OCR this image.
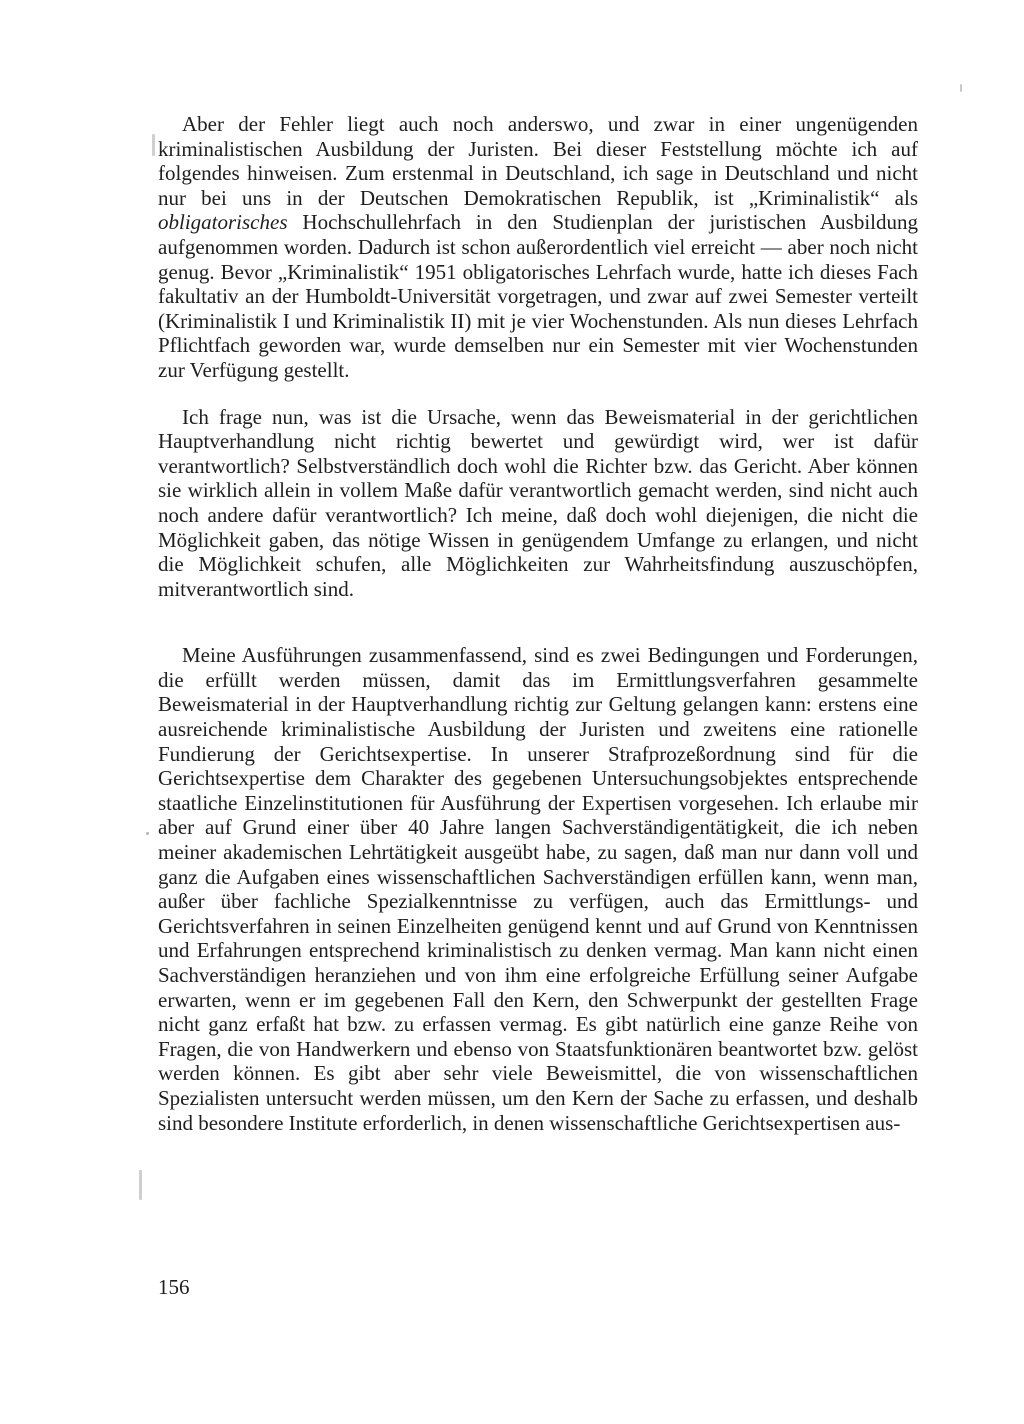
Aber der Fehler liegt auch noch anderswo, und zwar in einer ungenügenden kriminalistischen Ausbildung der Juristen. Bei dieser Feststellung möchte ich auf folgendes hinweisen. Zum erstenmal in Deutschland, ich sage in Deutschland und nicht nur bei uns in der Deutschen Demokratischen Republik, ist „Kriminalistik“ als obligatorisches Hochschullehrfach in den Studienplan der juristischen Ausbildung aufgenommen worden. Dadurch ist schon außerordentlich viel erreicht — aber noch nicht genug. Bevor „Kriminalistik“ 1951 obligatorisches Lehrfach wurde, hatte ich dieses Fach fakultativ an der Humboldt-Universität vorgetragen, und zwar auf zwei Semester verteilt (Kriminalistik I und Kriminalistik II) mit je vier Wochenstunden. Als nun dieses Lehrfach Pflichtfach geworden war, wurde demselben nur ein Semester mit vier Wochenstunden zur Verfügung gestellt.

Ich frage nun, was ist die Ursache, wenn das Beweismaterial in der gerichtlichen Hauptverhandlung nicht richtig bewertet und gewürdigt wird, wer ist dafür verantwortlich? Selbstverständlich doch wohl die Richter bzw. das Gericht. Aber können sie wirklich allein in vollem Maße dafür verantwortlich gemacht werden, sind nicht auch noch andere dafür verantwortlich? Ich meine, daß doch wohl diejenigen, die nicht die Möglichkeit gaben, das nötige Wissen in genügendem Umfange zu erlangen, und nicht die Möglichkeit schufen, alle Möglichkeiten zur Wahrheitsfindung auszuschöpfen, mitverantwortlich sind.

Meine Ausführungen zusammenfassend, sind es zwei Bedingungen und Forderungen, die erfüllt werden müssen, damit das im Ermittlungsverfahren gesammelte Beweismaterial in der Hauptverhandlung richtig zur Geltung gelangen kann: erstens eine ausreichende kriminalistische Ausbildung der Juristen und zweitens eine rationelle Fundierung der Gerichtsexpertise. In unserer Strafprozeßordnung sind für die Gerichtsexpertise dem Charakter des gegebenen Untersuchungsobjektes entsprechende staatliche Einzelinstitutionen für Ausführung der Expertisen vorgesehen. Ich erlaube mir aber auf Grund einer über 40 Jahre langen Sachverständigentätigkeit, die ich neben meiner akademischen Lehrtätigkeit ausgeübt habe, zu sagen, daß man nur dann voll und ganz die Aufgaben eines wissenschaftlichen Sachverständigen erfüllen kann, wenn man, außer über fachliche Spezialkenntnisse zu verfügen, auch das Ermittlungs- und Gerichtsverfahren in seinen Einzelheiten genügend kennt und auf Grund von Kenntnissen und Erfahrungen entsprechend kriminalistisch zu denken vermag. Man kann nicht einen Sachverständigen heranziehen und von ihm eine erfolgreiche Erfüllung seiner Aufgabe erwarten, wenn er im gegebenen Fall den Kern, den Schwerpunkt der gestellten Frage nicht ganz erfaßt hat bzw. zu erfassen vermag. Es gibt natürlich eine ganze Reihe von Fragen, die von Handwerkern und ebenso von Staatsfunktionären beantwortet bzw. gelöst werden können. Es gibt aber sehr viele Beweismittel, die von wissenschaftlichen Spezialisten untersucht werden müssen, um den Kern der Sache zu erfassen, und deshalb sind besondere Institute erforderlich, in denen wissenschaftliche Gerichtsexpertisen aus-

156
